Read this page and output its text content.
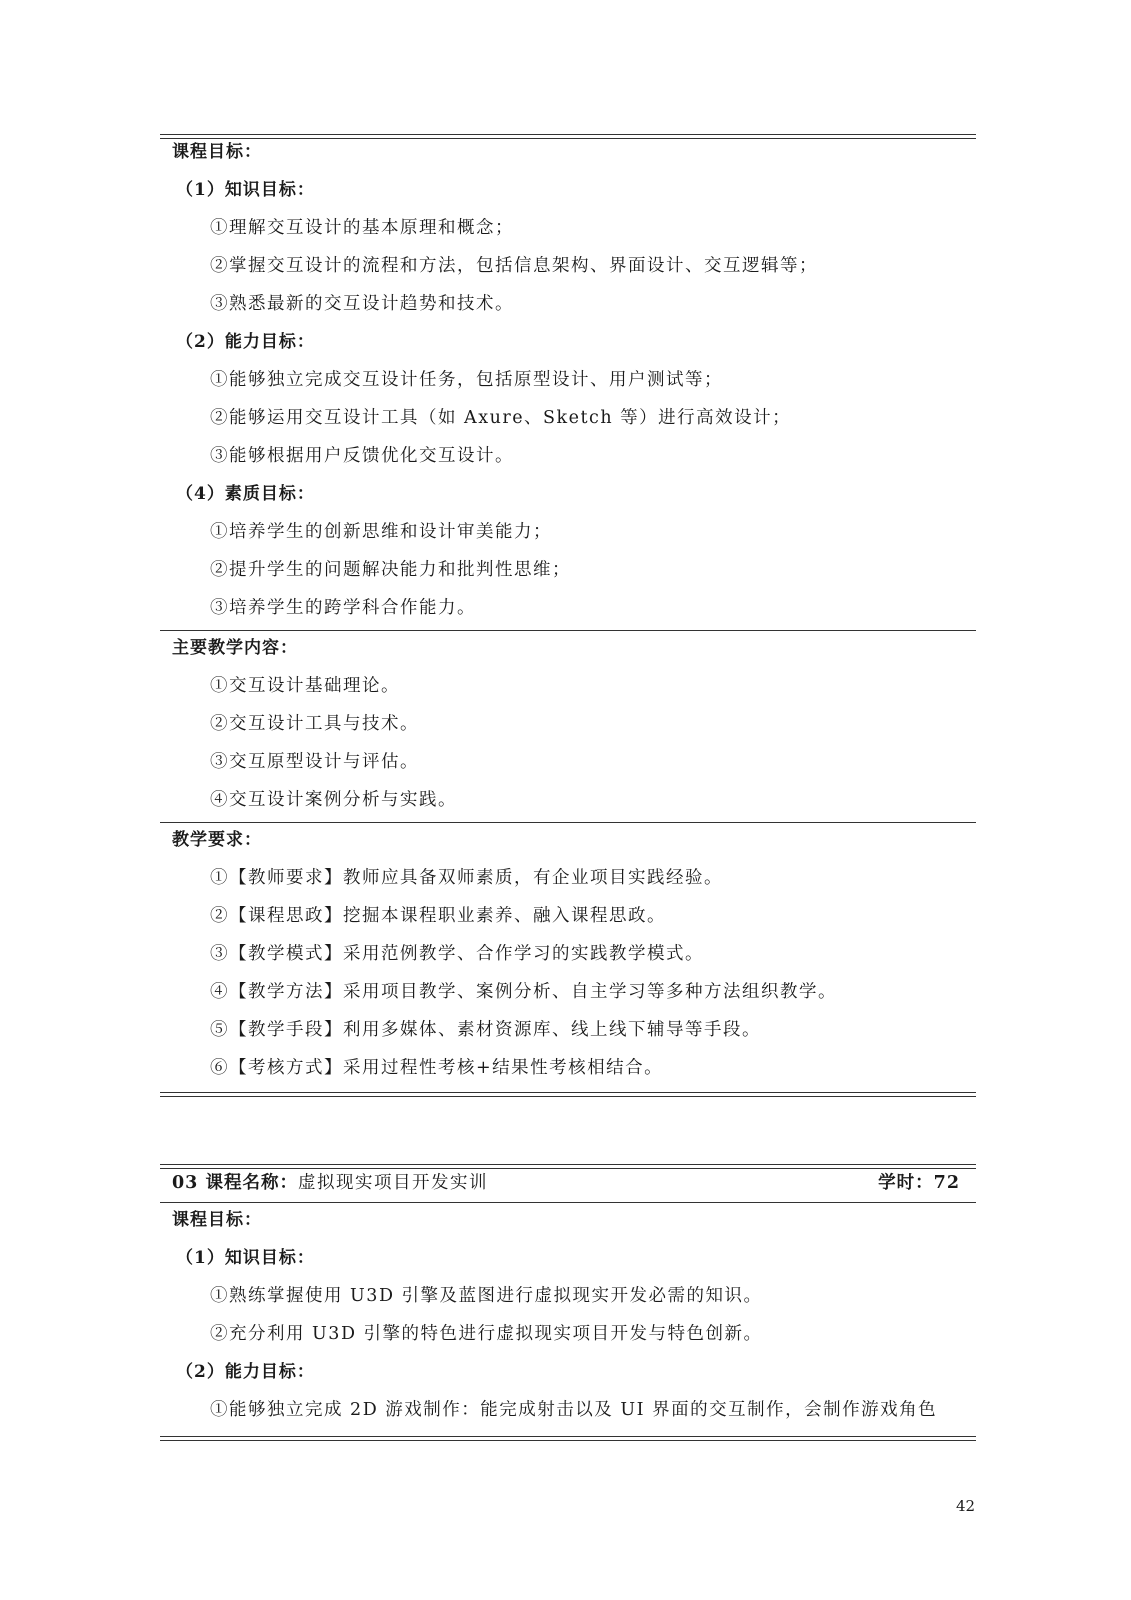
课程目标：
（1）知识目标：
①理解交互设计的基本原理和概念；
②掌握交互设计的流程和方法，包括信息架构、界面设计、交互逻辑等；
③熟悉最新的交互设计趋势和技术。
（2）能力目标：
①能够独立完成交互设计任务，包括原型设计、用户测试等；
②能够运用交互设计工具（如 Axure、Sketch 等）进行高效设计；
③能够根据用户反馈优化交互设计。
（4）素质目标：
①培养学生的创新思维和设计审美能力；
②提升学生的问题解决能力和批判性思维；
③培养学生的跨学科合作能力。
主要教学内容：
①交互设计基础理论。
②交互设计工具与技术。
③交互原型设计与评估。
④交互设计案例分析与实践。
教学要求：
①【教师要求】教师应具备双师素质，有企业项目实践经验。
②【课程思政】挖掘本课程职业素养、融入课程思政。
③【教学模式】采用范例教学、合作学习的实践教学模式。
④【教学方法】采用项目教学、案例分析、自主学习等多种方法组织教学。
⑤【教学手段】利用多媒体、素材资源库、线上线下辅导等手段。
⑥【考核方式】采用过程性考核+结果性考核相结合。
03 课程名称：虚拟现实项目开发实训	学时：72
课程目标：
（1）知识目标：
①熟练掌握使用 U3D 引擎及蓝图进行虚拟现实开发必需的知识。
②充分利用 U3D 引擎的特色进行虚拟现实项目开发与特色创新。
（2）能力目标：
①能够独立完成 2D 游戏制作：能完成射击以及 UI 界面的交互制作，会制作游戏角色
42
